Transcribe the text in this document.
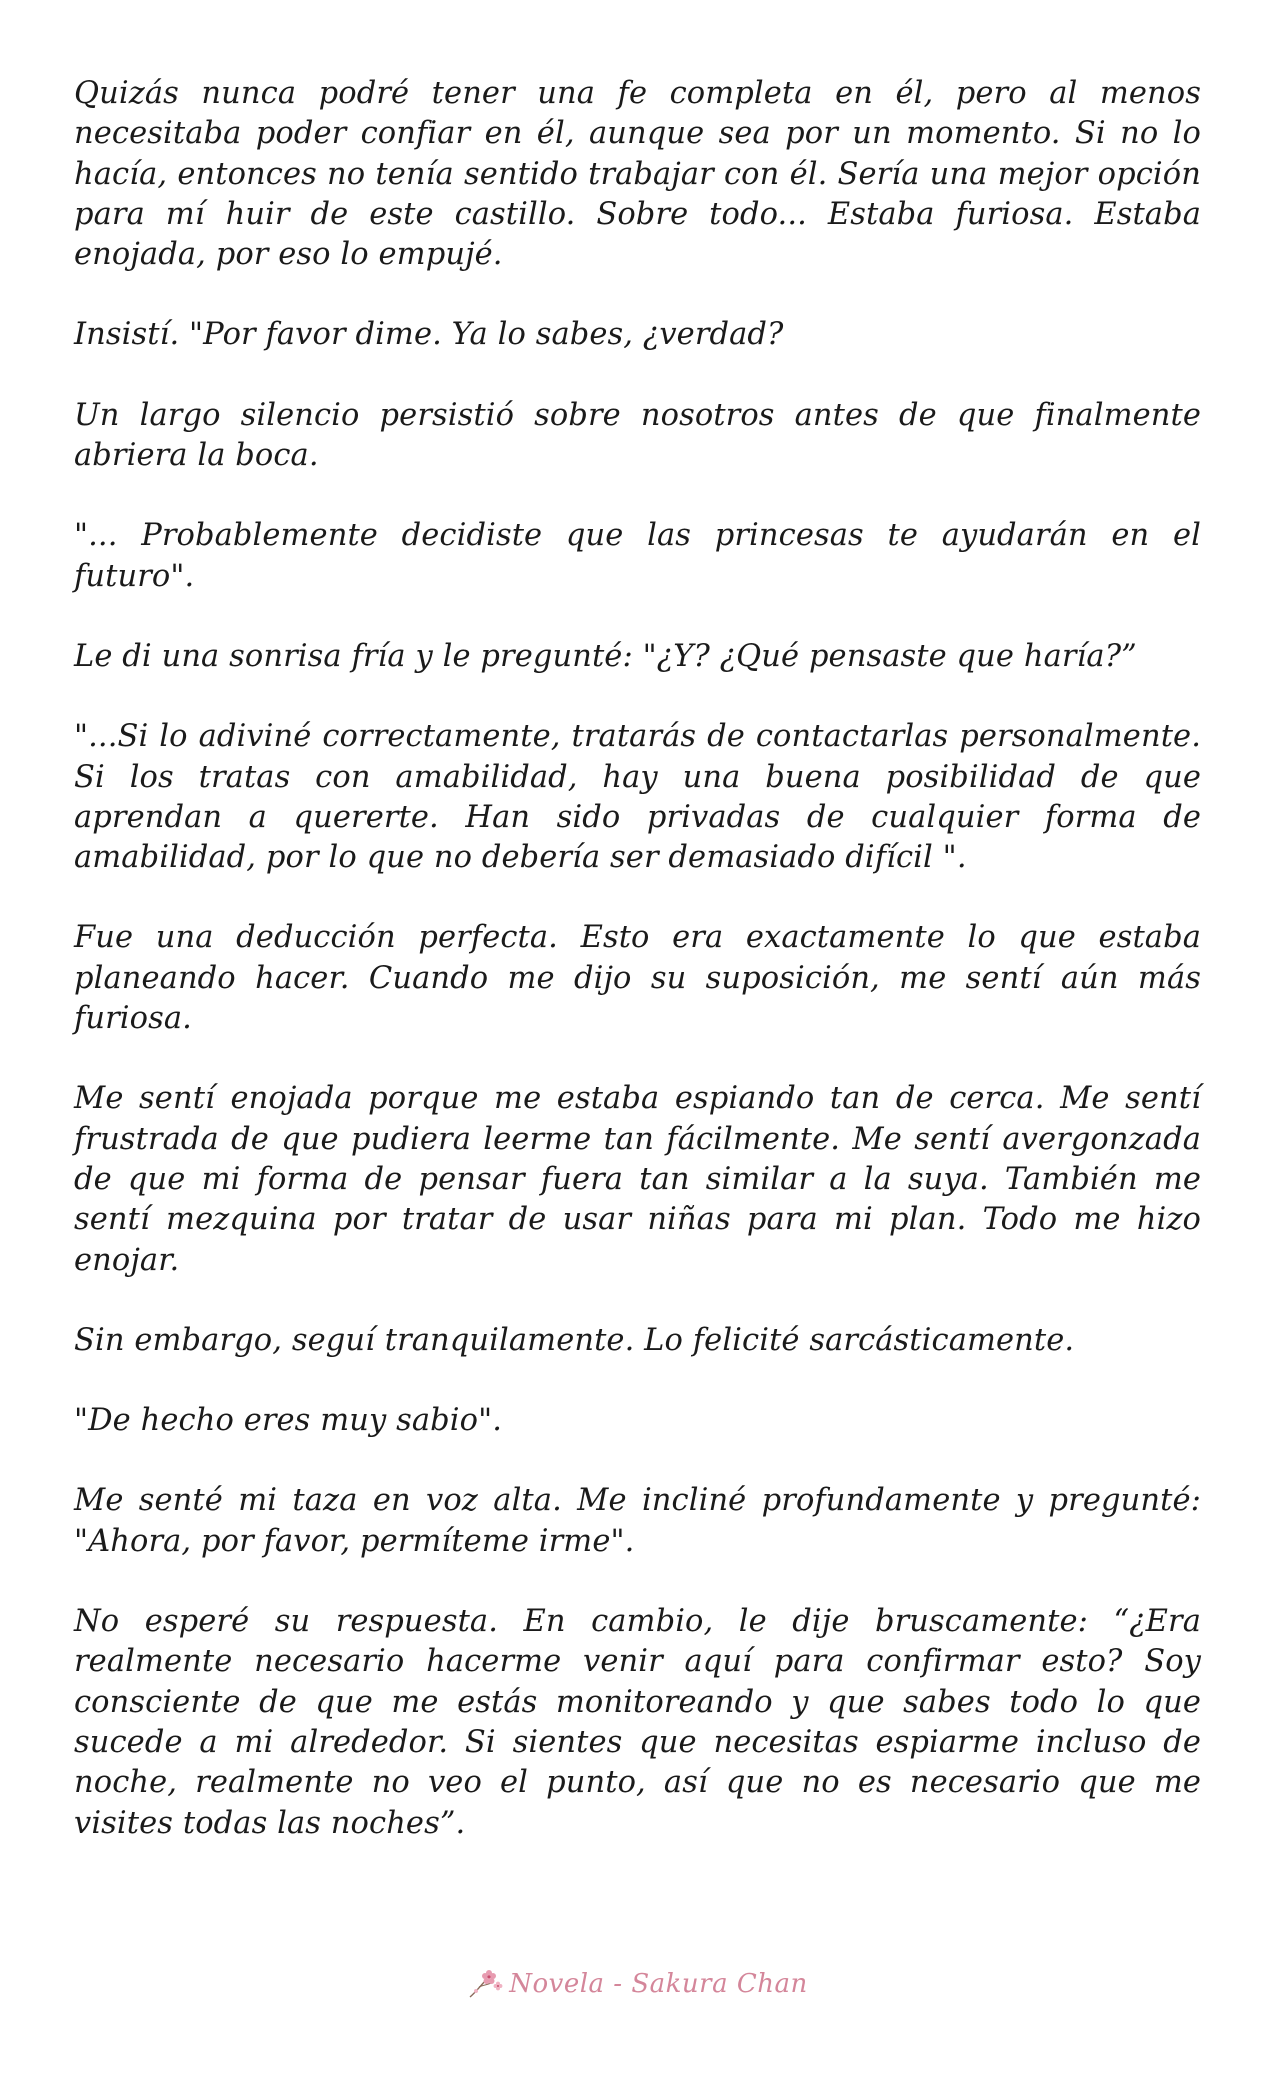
Quizás nunca podré tener una fe completa en él, pero al menos necesitaba poder confiar en él, aunque sea por un momento. Si no lo hacía, entonces no tenía sentido trabajar con él. Sería una mejor opción para mí huir de este castillo. Sobre todo... Estaba furiosa. Estaba enojada, por eso lo empujé.

Insistí. "Por favor dime. Ya lo sabes, ¿verdad?

Un largo silencio persistió sobre nosotros antes de que finalmente abriera la boca.

"... Probablemente decidiste que las princesas te ayudarán en el futuro".

Le di una sonrisa fría y le pregunté: "¿Y? ¿Qué pensaste que haría?”

"...Si lo adiviné correctamente, tratarás de contactarlas personalmente. Si los tratas con amabilidad, hay una buena posibilidad de que aprendan a quererte. Han sido privadas de cualquier forma de amabilidad, por lo que no debería ser demasiado difícil ".

Fue una deducción perfecta. Esto era exactamente lo que estaba planeando hacer. Cuando me dijo su suposición, me sentí aún más furiosa.

Me sentí enojada porque me estaba espiando tan de cerca. Me sentí frustrada de que pudiera leerme tan fácilmente. Me sentí avergonzada de que mi forma de pensar fuera tan similar a la suya. También me sentí mezquina por tratar de usar niñas para mi plan. Todo me hizo enojar.

Sin embargo, seguí tranquilamente. Lo felicité sarcásticamente.

"De hecho eres muy sabio".

Me senté mi taza en voz alta. Me incliné profundamente y pregunté: "Ahora, por favor, permíteme irme".

No esperé su respuesta. En cambio, le dije bruscamente: “¿Era realmente necesario hacerme venir aquí para confirmar esto? Soy consciente de que me estás monitoreando y que sabes todo lo que sucede a mi alrededor. Si sientes que necesitas espiarme incluso de noche, realmente no veo el punto, así que no es necesario que me visites todas las noches”.

Novela - Sakura Chan
